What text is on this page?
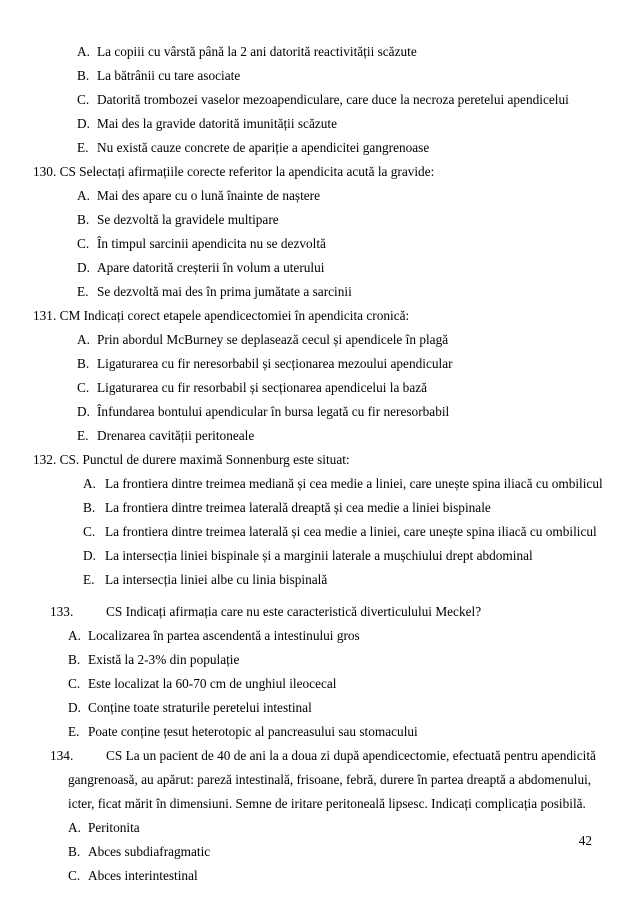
A. La copiii cu vârstă până la 2 ani datorită reactivității scăzute
B. La bătrânii cu tare asociate
C. Datorită trombozei vaselor mezoapendiculare, care duce la necroza peretelui apendicelui
D. Mai des la gravide datorită imunității scăzute
E. Nu există cauze concrete de apariție a apendicitei gangrenoase
130. CS Selectați afirmațiile corecte referitor la apendicita acută la gravide:
A. Mai des apare cu o lună înainte de naștere
B. Se dezvoltă la gravidele multipare
C. În timpul sarcinii apendicita nu se dezvoltă
D. Apare datorită creșterii în volum a uterului
E. Se dezvoltă mai des în prima jumătate a sarcinii
131. CM Indicați corect etapele apendicectomiei în apendicita cronică:
A. Prin abordul McBurney se deplasează cecul și apendicele în plagă
B. Ligaturarea cu fir neresorbabil și secționarea mezoului apendicular
C. Ligaturarea cu fir resorbabil și secționarea apendicelui la bază
D. Înfundarea bontului apendicular în bursa legată cu fir neresorbabil
E. Drenarea cavității peritoneale
132. CS. Punctul de durere maximă Sonnenburg este situat:
A. La frontiera dintre treimea mediană și cea medie a liniei, care unește spina iliacă cu ombilicul
B. La frontiera dintre treimea laterală dreaptă și cea medie a liniei bispinale
C. La frontiera dintre treimea laterală și cea medie a liniei, care unește spina iliacă cu ombilicul
D. La intersecția liniei bispinale și a marginii laterale a mușchiului drept abdominal
E. La intersecția liniei albe cu linia bispinală
133. CS Indicați afirmația care nu este caracteristică diverticulului Meckel?
A. Localizarea în partea ascendentă a intestinului gros
B. Există la 2-3% din populație
C. Este localizat la 60-70 cm de unghiul ileocecal
D. Conține toate straturile peretelui intestinal
E. Poate conține țesut heterotopic al pancreasului sau stomacului
134. CS La un pacient de 40 de ani la a doua zi după apendicectomie, efectuată pentru apendicită
gangrenoasă, au apărut: pareză intestinală, frisoane, febră, durere în partea dreaptă a abdomenului,
icter, ficat mărit în dimensiuni. Semne de iritare peritoneală lipsesc. Indicați complicația posibilă.
A. Peritonita
B. Abces subdiafragmatic
C. Abces interintestinal
42
